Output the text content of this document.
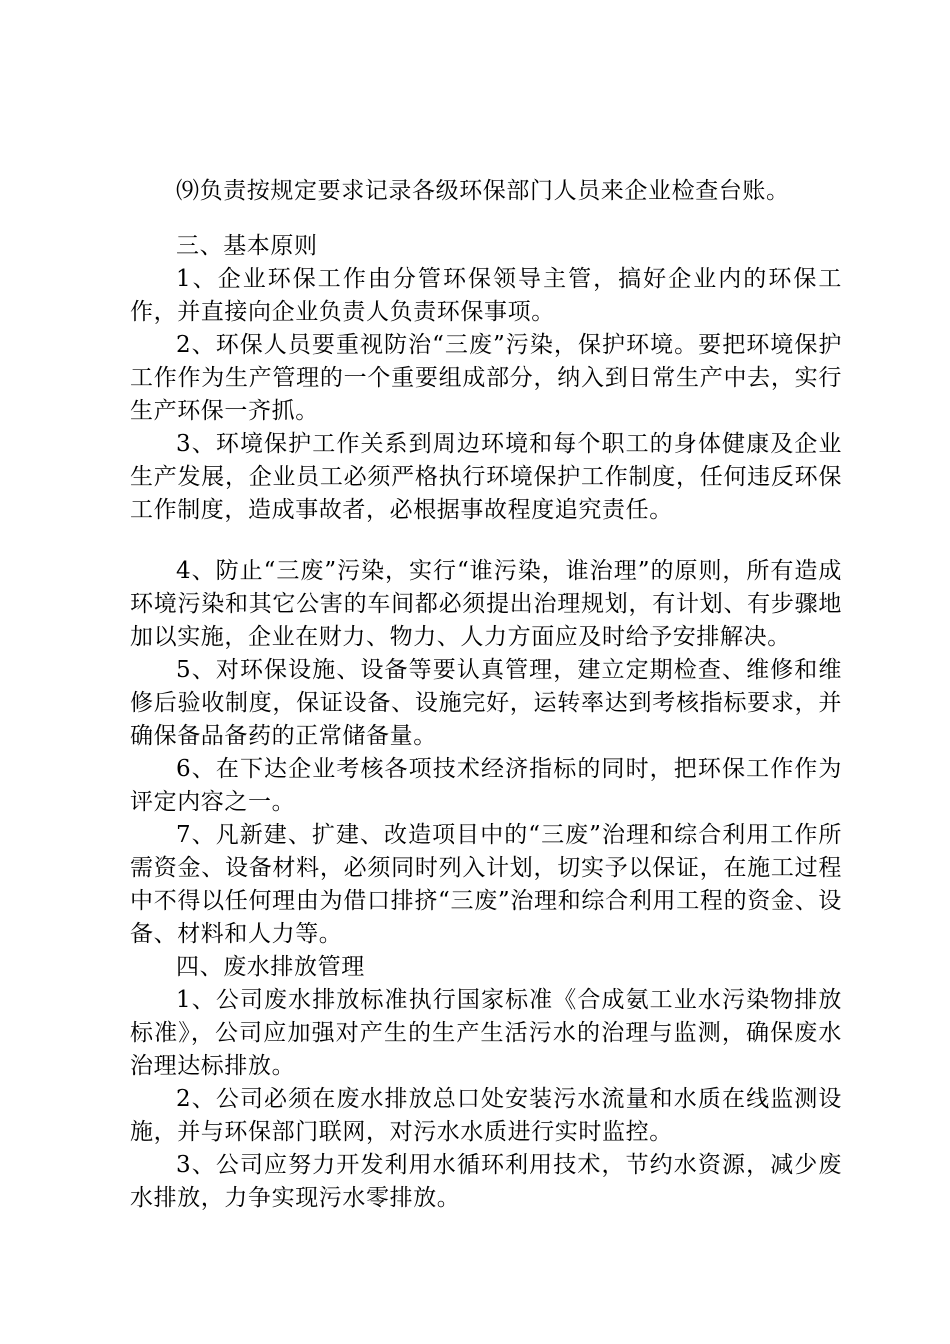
⑼负责按规定要求记录各级环保部门人员来企业检查台账。

三、基本原则

1、企业环保工作由分管环保领导主管，搞好企业内的环保工作，并直接向企业负责人负责环保事项。

2、环保人员要重视防治“三废”污染，保护环境。要把环境保护工作作为生产管理的一个重要组成部分，纳入到日常生产中去，实行生产环保一齐抓。

3、环境保护工作关系到周边环境和每个职工的身体健康及企业生产发展，企业员工必须严格执行环境保护工作制度，任何违反环保工作制度，造成事故者，必根据事故程度追究责任。

4、防止“三废”污染，实行“谁污染，谁治理”的原则，所有造成环境污染和其它公害的车间都必须提出治理规划，有计划、有步骤地加以实施，企业在财力、物力、人力方面应及时给予安排解决。

5、对环保设施、设备等要认真管理，建立定期检查、维修和维修后验收制度，保证设备、设施完好，运转率达到考核指标要求，并确保备品备药的正常储备量。

6、在下达企业考核各项技术经济指标的同时，把环保工作作为评定内容之一。

7、凡新建、扩建、改造项目中的“三废”治理和综合利用工作所需资金、设备材料，必须同时列入计划，切实予以保证，在施工过程中不得以任何理由为借口排挤“三废”治理和综合利用工程的资金、设备、材料和人力等。

四、废水排放管理

1、公司废水排放标准执行国家标准《合成氨工业水污染物排放标准》，公司应加强对产生的生产生活污水的治理与监测，确保废水治理达标排放。

2、公司必须在废水排放总口处安装污水流量和水质在线监测设施，并与环保部门联网，对污水水质进行实时监控。

3、公司应努力开发利用水循环利用技术，节约水资源，减少废水排放，力争实现污水零排放。
